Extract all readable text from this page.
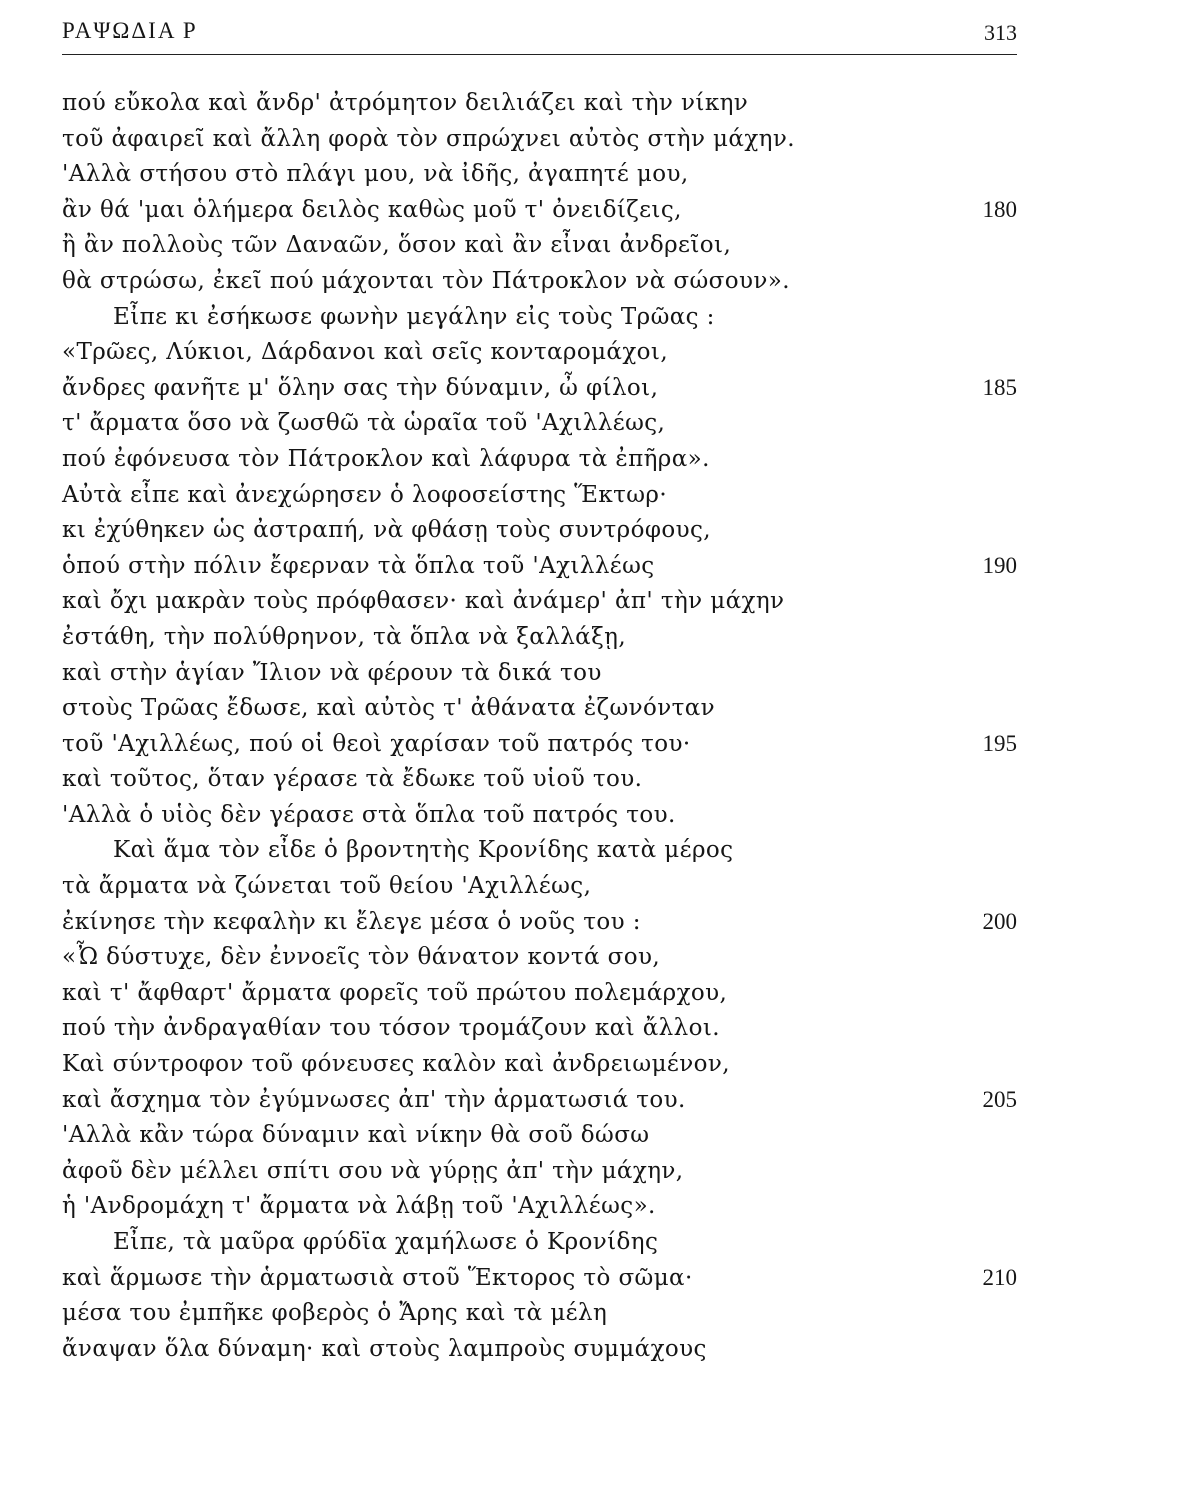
ΡΑΨΩΔΙΑ Ρ	313
πού εὔκολα καὶ ἄνδρ' ἀτρόμητον δειλιάζει καὶ τὴν νίκην
τοῦ ἀφαιρεῖ καὶ ἄλλη φορὰ τὸν σπρώχνει αὐτὸς στὴν μάχην.
'Αλλὰ στήσου στὸ πλάγι μου, νὰ ἰδῆς, ἀγαπητέ μου,
ἂν θά 'μαι ὁλήμερα δειλὸς καθὼς μοῦ τ' ὀνειδίζεις,	180
ἢ ἂν πολλοὺς τῶν Δαναῶν, ὅσον καὶ ἂν εἶναι ἀνδρεῖοι,
θὰ στρώσω, ἐκεῖ πού μάχονται τὸν Πάτροκλον νὰ σώσουν».
Εἶπε κι ἐσήκωσε φωνὴν μεγάλην εἰς τοὺς Τρῶας :
«Τρῶες, Λύκιοι, Δάρδανοι καὶ σεῖς κονταρομάχοι,
ἄνδρες φανῆτε μ' ὅλην σας τὴν δύναμιν, ὦ φίλοι,	185
τ' ἄρματα ὅσο νὰ ζωσθῶ τὰ ὡραῖα τοῦ 'Αχιλλέως,
πού ἐφόνευσα τὸν Πάτροκλον καὶ λάφυρα τὰ ἐπῆρα».
Αὐτὰ εἶπε καὶ ἀνεχώρησεν ὁ λοφοσείστης Ἕκτωρ·
κι ἐχύθηκεν ὡς ἀστραπή, νὰ φθάσῃ τοὺς συντρόφους,
ὁπού στὴν πόλιν ἔφερναν τὰ ὅπλα τοῦ 'Αχιλλέως	190
καὶ ὄχι μακρὰν τοὺς πρόφθασεν· καὶ ἀνάμερ' ἀπ' τὴν μάχην
ἐστάθη, τὴν πολύθρηνον, τὰ ὅπλα νὰ ξαλλάξῃ,
καὶ στὴν ἁγίαν Ἴλιον νὰ φέρουν τὰ δικά του
στοὺς Τρῶας ἔδωσε, καὶ αὐτὸς τ' ἀθάνατα ἐζωνόνταν
τοῦ 'Αχιλλέως, πού οἱ θεοὶ χαρίσαν τοῦ πατρός του·	195
καὶ τοῦτος, ὅταν γέρασε τὰ ἔδωκε τοῦ υἱοῦ του.
'Αλλὰ ὁ υἱὸς δὲν γέρασε στὰ ὅπλα τοῦ πατρός του.
Καὶ ἅμα τὸν εἶδε ὁ βροντητὴς Κρονίδης κατὰ μέρος
τὰ ἄρματα νὰ ζώνεται τοῦ θείου 'Αχιλλέως,
ἐκίνησε τὴν κεφαλὴν κι ἔλεγε μέσα ὁ νοῦς του :	200
«Ὦ δύστυχε, δὲν ἐννοεῖς τὸν θάνατον κοντά σου,
καὶ τ' ἄφθαρτ' ἄρματα φορεῖς τοῦ πρώτου πολεμάρχου,
πού τὴν ἀνδραγαθίαν του τόσον τρομάζουν καὶ ἄλλοι.
Καὶ σύντροφον τοῦ φόνευσες καλὸν καὶ ἀνδρειωμένον,
καὶ ἄσχημα τὸν ἐγύμνωσες ἀπ' τὴν ἁρματωσιά του.	205
'Αλλὰ κἂν τώρα δύναμιν καὶ νίκην θὰ σοῦ δώσω
ἀφοῦ δὲν μέλλει σπίτι σου νὰ γύρῃς ἀπ' τὴν μάχην,
ἡ 'Ανδρομάχη τ' ἄρματα νὰ λάβῃ τοῦ 'Αχιλλέως».
Εἶπε, τὰ μαῦρα φρύδϊα χαμήλωσε ὁ Κρονίδης
καὶ ἅρμωσε τὴν ἁρματωσιὰ στοῦ Ἕκτορος τὸ σῶμα·	210
μέσα του ἐμπῆκε φοβερὸς ὁ Ἄρης καὶ τὰ μέλη
ἄναψαν ὅλα δύναμη· καὶ στοὺς λαμπροὺς συμμάχους
